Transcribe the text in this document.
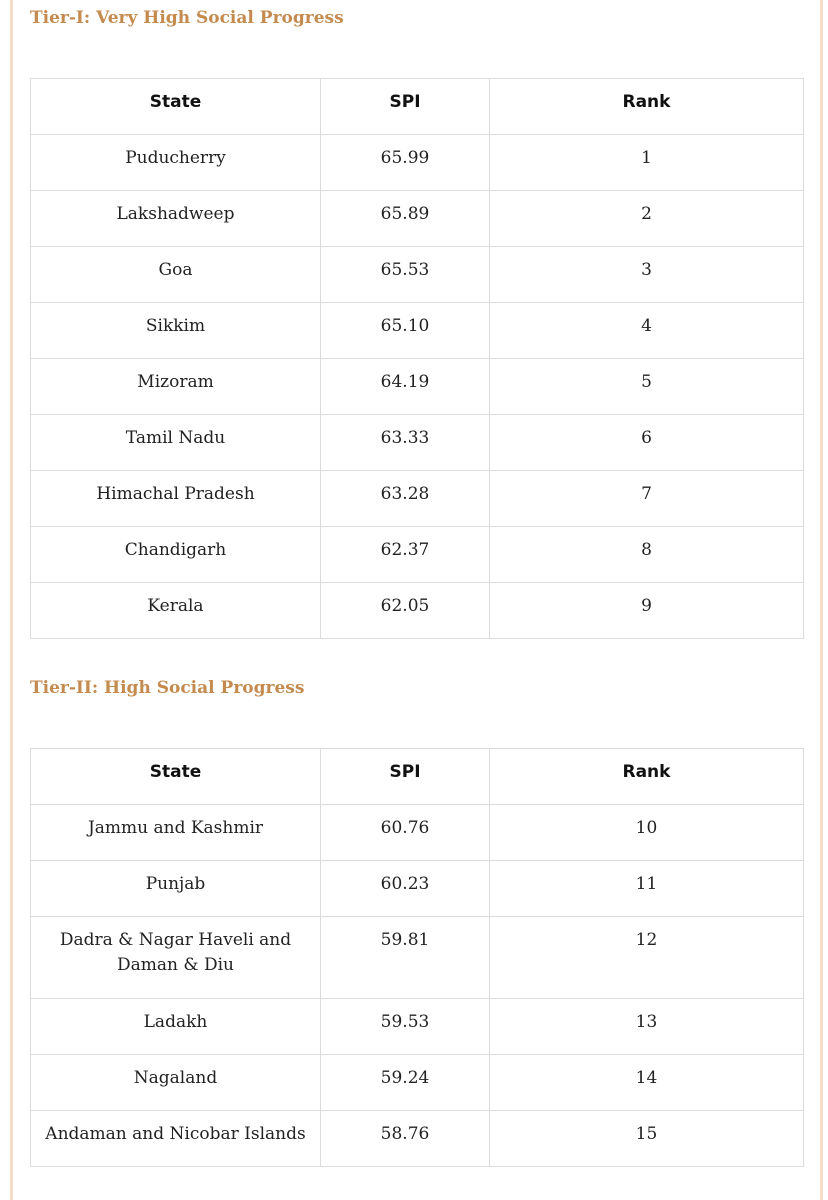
Tier-I: Very High Social Progress
State	SPI	Rank
Puducherry	65.99	1
Lakshadweep	65.89	2
Goa	65.53	3
Sikkim	65.10	4
Mizoram	64.19	5
Tamil Nadu	63.33	6
Himachal Pradesh	63.28	7
Chandigarh	62.37	8
Kerala	62.05	9
Tier-II: High Social Progress
State	SPI	Rank
Jammu and Kashmir	60.76	10
Punjab	60.23	11
Dadra & Nagar Haveli and Daman & Diu	59.81	12
Ladakh	59.53	13
Nagaland	59.24	14
Andaman and Nicobar Islands	58.76	15
